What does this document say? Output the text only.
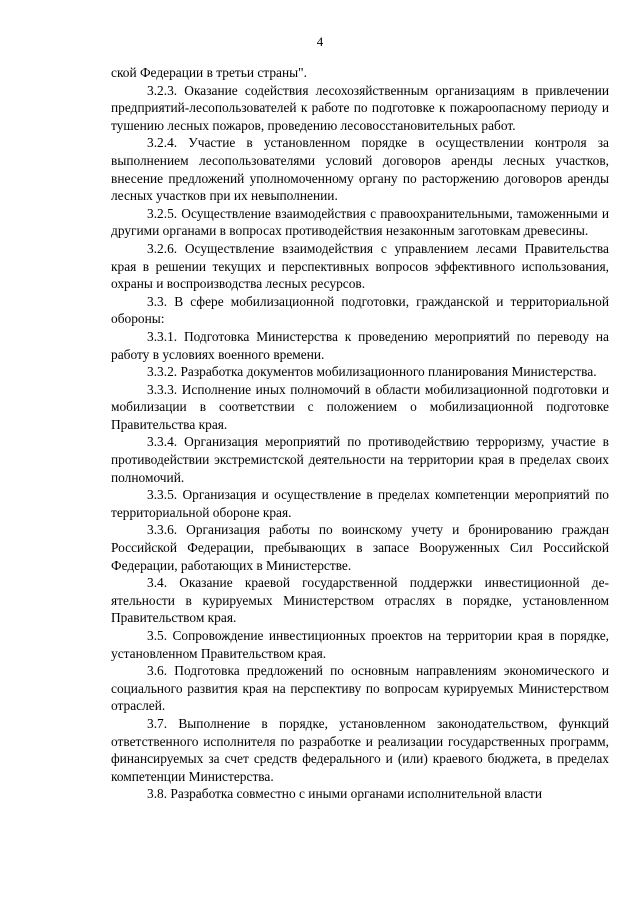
4

ской Федерации в третьи страны".

3.2.3. Оказание содействия лесохозяйственным организациям в привлечении предприятий-лесопользователей к работе по подготовке к пожароопасному периоду и тушению лесных пожаров, проведению лесовосстановительных работ.

3.2.4. Участие в установленном порядке в осуществлении контроля за выполнением лесопользователями условий договоров аренды лесных участков, внесение предложений уполномоченному органу по расторжению договоров аренды лесных участков при их невыполнении.

3.2.5. Осуществление взаимодействия с правоохранительными, таможенными и другими органами в вопросах противодействия незаконным заготовкам древесины.

3.2.6. Осуществление взаимодействия с управлением лесами Правительства края в решении текущих и перспективных вопросов эффективного использования, охраны и воспроизводства лесных ресурсов.

3.3. В сфере мобилизационной подготовки, гражданской и территориальной обороны:

3.3.1. Подготовка Министерства к проведению мероприятий по переводу на работу в условиях военного времени.

3.3.2. Разработка документов мобилизационного планирования Министерства.

3.3.3. Исполнение иных полномочий в области мобилизационной подготовки и мобилизации в соответствии с положением о мобилизационной подготовке Правительства края.

3.3.4. Организация мероприятий по противодействию терроризму, участие в противодействии экстремистской деятельности на территории края в пределах своих полномочий.

3.3.5. Организация и осуществление в пределах компетенции мероприятий по территориальной обороне края.

3.3.6. Организация работы по воинскому учету и бронированию граждан Российской Федерации, пребывающих в запасе Вооруженных Сил Российской Федерации, работающих в Министерстве.

3.4. Оказание краевой государственной поддержки инвестиционной деятельности в курируемых Министерством отраслях в порядке, установленном Правительством края.

3.5. Сопровождение инвестиционных проектов на территории края в порядке, установленном Правительством края.

3.6. Подготовка предложений по основным направлениям экономического и социального развития края на перспективу по вопросам курируемых Министерством отраслей.

3.7. Выполнение в порядке, установленном законодательством, функций ответственного исполнителя по разработке и реализации государственных программ, финансируемых за счет средств федерального и (или) краевого бюджета, в пределах компетенции Министерства.

3.8. Разработка совместно с иными органами исполнительной власти
